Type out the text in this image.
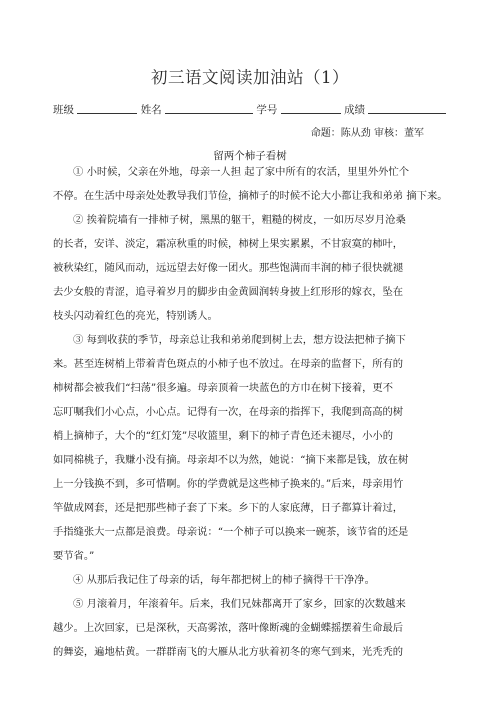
初三语文阅读加油站（1）
班级	姓名	学号	成绩
命题：陈从劲 审核：董军
留两个柿子看树
① 小时候，父亲在外地，母亲一人担 起了家中所有的农活，里里外外忙个
不停。在生活中母亲处处教导我们节俭，摘柿子的时候不论大小都让我和弟弟 摘下来。
② 挨着院墙有一排柿子树，黑黑的躯干，粗糙的树皮，一如历尽岁月沧桑
的长者，安详、淡定，霜凉秋重的时候，柿树上果实累累，不甘寂寞的柿叶，
被秋染红，随风而动，远远望去好像一团火。那些饱满而丰润的柿子很快就褪
去少女般的青涩，追寻着岁月的脚步由金黄圆润转身披上红形形的嫁衣，坠在
枝头闪动着红色的亮光，特别诱人。
③ 每到收获的季节，母亲总让我和弟弟爬到树上去，想方设法把柿子摘下
来。甚至连树梢上带着青色斑点的小柿子也不放过。在母亲的监督下，所有的
柿树都会被我们“扫荡”很多遍。母亲顶着一块蓝色的方巾在树下接着，更不
忘叮嘱我们小心点，小心点。记得有一次，在母亲的指挥下，我爬到高高的树
梢上摘柿子，大个的“红灯笼”尽收篮里，剩下的柿子青色还未褪尽，小小的
如同棉桃子，我赚小没有摘。母亲却不以为然，她说：“摘下来都是钱，放在树
上一分钱换不到，多可惜啊。你的学费就是这些柿子换来的。”后来，母亲用竹
竿做成网套，还是把那些柿子套了下来。乡下的人家底薄，日子都算计着过，
手指缝张大一点都是浪费。母亲说：“一个柿子可以换来一碗茶，该节省的还是
要节省。”
④ 从那后我记住了母亲的话，每年都把树上的柿子摘得干干净净。
⑤ 月滚着月，年滚着年。后来，我们兄妹都离开了家乡，回家的次数越来
越少。上次回家，已是深秋，天高雾浓，落叶像断魂的金蝴蝶摇摆着生命最后
的舞姿，遍地枯黄。一群群南飞的大雁从北方驮着初冬的寒气到来，光秃秃的
